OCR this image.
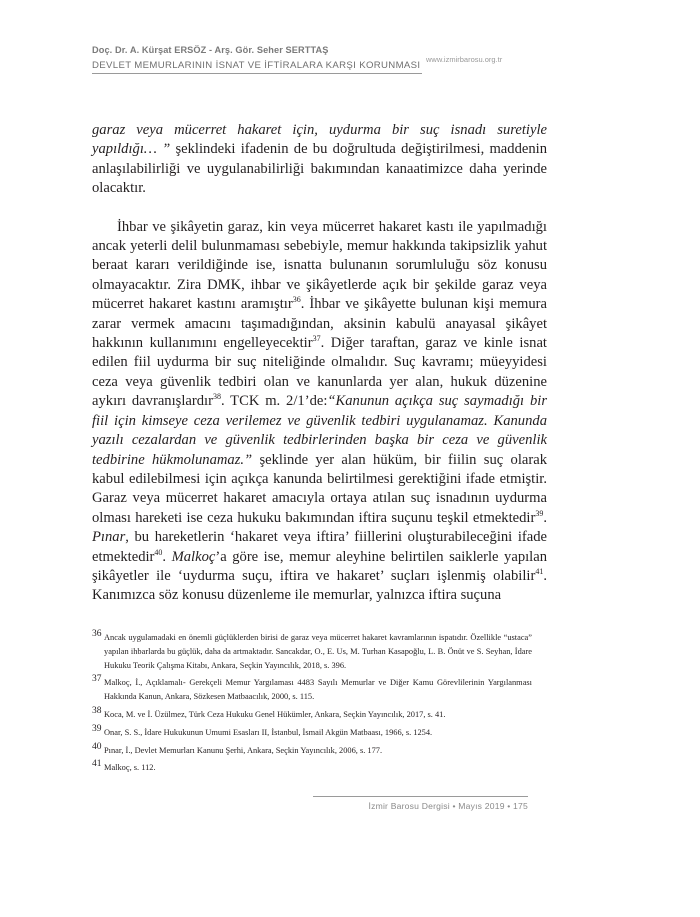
Doç. Dr. A. Kürşat ERSÖZ - Arş. Gör. Seher SERTTAŞ
DEVLET MEMURLARININ İSNAT VE İFTİRALARA KARŞI KORUNMASI
www.izmirbarosu.org.tr

garaz veya mücerret hakaret için, uydurma bir suç isnadı suretiyle yapıldığı… ” şeklindeki ifadenin de bu doğrultuda değiştirilmesi, maddenin anlaşılabilirliği ve uygulanabilirliği bakımından kanaatimizce daha yerinde olacaktır.

İhbar ve şikâyetin garaz, kin veya mücerret hakaret kastı ile yapılmadığı ancak yeterli delil bulunmaması sebebiyle, memur hakkında takipsizlik yahut beraat kararı verildiğinde ise, isnatta bulunanın sorumluluğu söz konusu olmayacaktır. Zira DMK, ihbar ve şikâyetlerde açık bir şekilde garaz veya mücerret hakaret kastını aramıştır$^{36}$. İhbar ve şikâyette bulunan kişi memura zarar vermek amacını taşımadığından, aksinin kabulü anayasal şikâyet hakkının kullanımını engelleyecektir$^{37}$. Diğer taraftan, garaz ve kinle isnat edilen fiil uydurma bir suç niteliğinde olmalıdır. Suç kavramı; müeyyidesi ceza veya güvenlik tedbiri olan ve kanunlarda yer alan, hukuk düzenine aykırı davranışlardır$^{38}$. TCK m. 2/1’de:“Kanunun açıkça suç saymadığı bir fiil için kimseye ceza verilemez ve güvenlik tedbiri uygulanamaz. Kanunda yazılı cezalardan ve güvenlik tedbirlerinden başka bir ceza ve güvenlik tedbirine hükmolunamaz.” şeklinde yer alan hüküm, bir fiilin suç olarak kabul edilebilmesi için açıkça kanunda belirtilmesi gerektiğini ifade etmiştir. Garaz veya mücerret hakaret amacıyla ortaya atılan suç isnadının uydurma olması hareketi ise ceza hukuku bakımından iftira suçunu teşkil etmektedir$^{39}$. Pınar, bu hareketlerin ‘hakaret veya iftira’ fiillerini oluşturabileceğini ifade etmektedir$^{40}$. Malkoç’a göre ise, memur aleyhine belirtilen saiklerle yapılan şikâyetler ile ‘uydurma suçu, iftira ve hakaret’ suçları işlenmiş olabilir$^{41}$. Kanımızca söz konusu düzenleme ile memurlar, yalnızca iftira suçuna

36 Ancak uygulamadaki en önemli güçlüklerden birisi de garaz veya mücerret hakaret kavramlarının ispatıdır. Özellikle “ustaca” yapılan ihbarlarda bu güçlük, daha da artmaktadır. Sancakdar, O., E. Us, M. Turhan Kasapoğlu, L. B. Önüt ve S. Seyhan, İdare Hukuku Teorik Çalışma Kitabı, Ankara, Seçkin Yayıncılık, 2018, s. 396.
37 Malkoç, İ., Açıklamalı- Gerekçeli Memur Yargılaması 4483 Sayılı Memurlar ve Diğer Kamu Görevlilerinin Yargılanması Hakkında Kanun, Ankara, Sözkesen Matbaacılık, 2000, s. 115.
38 Koca, M. ve İ. Üzülmez, Türk Ceza Hukuku Genel Hükümler, Ankara, Seçkin Yayıncılık, 2017, s. 41.
39 Onar, S. S., İdare Hukukunun Umumi Esasları II, İstanbul, İsmail Akgün Matbaası, 1966, s. 1254.
40 Pınar, İ., Devlet Memurları Kanunu Şerhi, Ankara, Seçkin Yayıncılık, 2006, s. 177.
41 Malkoç, s. 112.
İzmir Barosu Dergisi • Mayıs 2019 • 175
